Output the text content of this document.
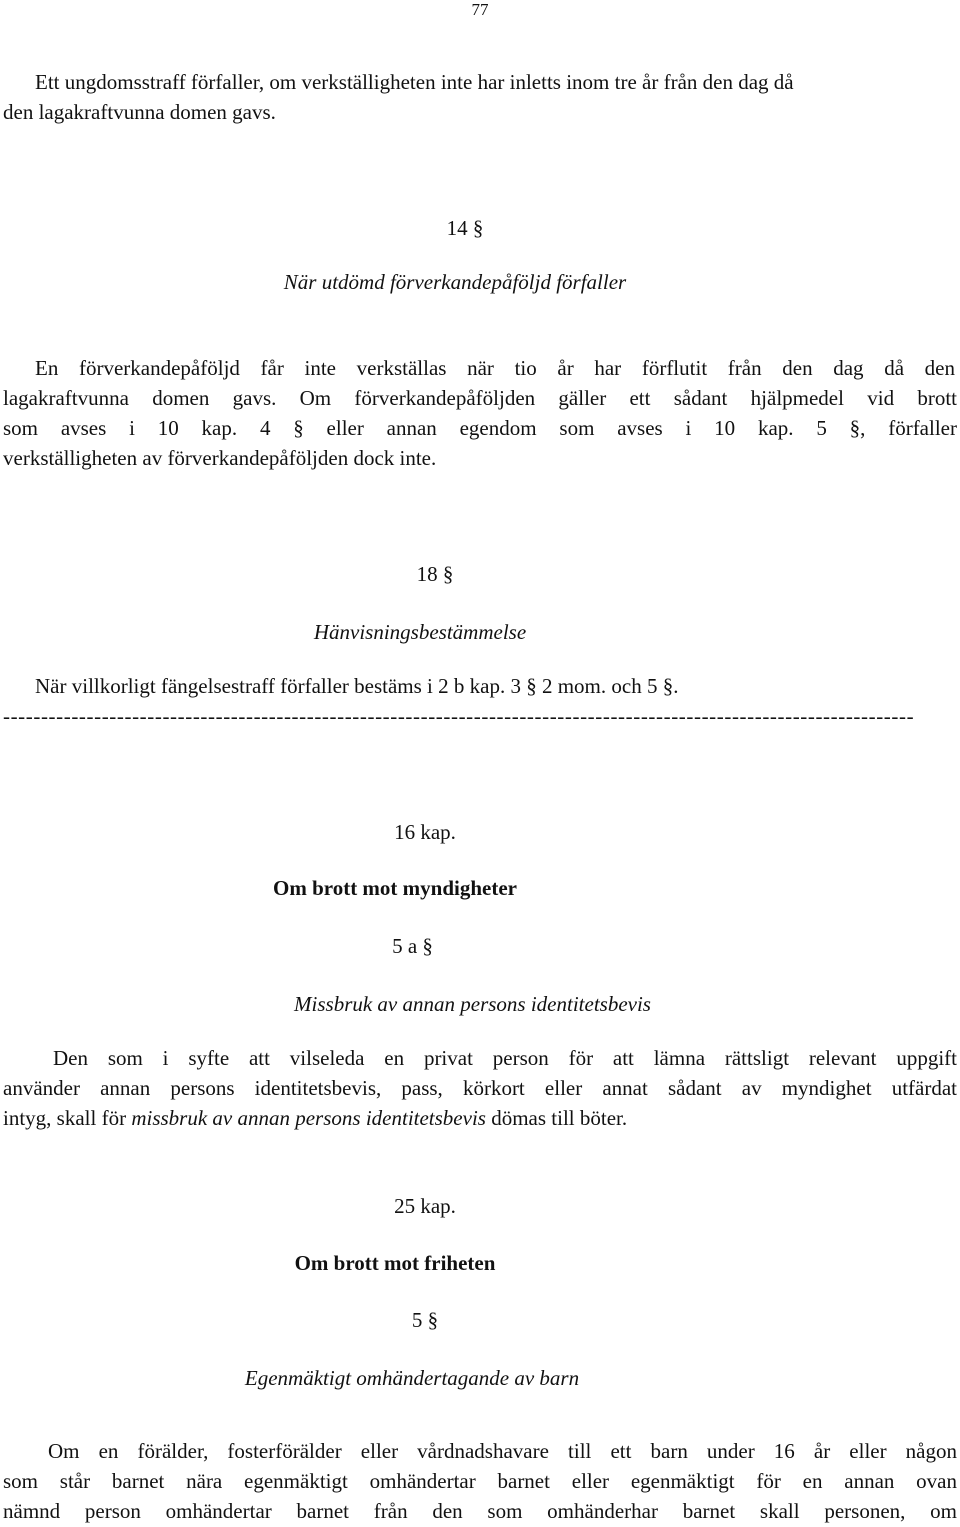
77
Ett ungdomsstraff förfaller, om verkställigheten inte har inletts inom tre år från den dag då
den lagakraftvunna domen gavs.
14 §
När utdömd förverkandepåföljd förfaller
En förverkandepåföljd får inte verkställas när tio år har förflutit från den dag då den
lagakraftvunna domen gavs. Om förverkandepåföljden gäller ett sådant hjälpmedel vid brott
som avses i 10 kap. 4 § eller annan egendom som avses i 10 kap. 5 §, förfaller
verkställigheten av förverkandepåföljden dock inte.
18 §
Hänvisningsbestämmelse
När villkorligt fängelsestraff förfaller bestäms i 2 b kap. 3 § 2 mom. och 5 §.
------------------------------------------------------------------------------------------------------------------------
16 kap.
Om brott mot myndigheter
5 a §
Missbruk av annan persons identitetsbevis
Den som i syfte att vilseleda en privat person för att lämna rättsligt relevant uppgift
använder annan persons identitetsbevis, pass, körkort eller annat sådant av myndighet utfärdat
intyg, skall för missbruk av annan persons identitetsbevis dömas till böter.
25 kap.
Om brott mot friheten
5 §
Egenmäktigt omhändertagande av barn
Om en förälder, fosterförälder eller vårdnadshavare till ett barn under 16 år eller någon
som står barnet nära egenmäktigt omhändertar barnet eller egenmäktigt för en annan ovan
nämnd person omhändertar barnet från den som omhänderhar barnet skall personen, om
